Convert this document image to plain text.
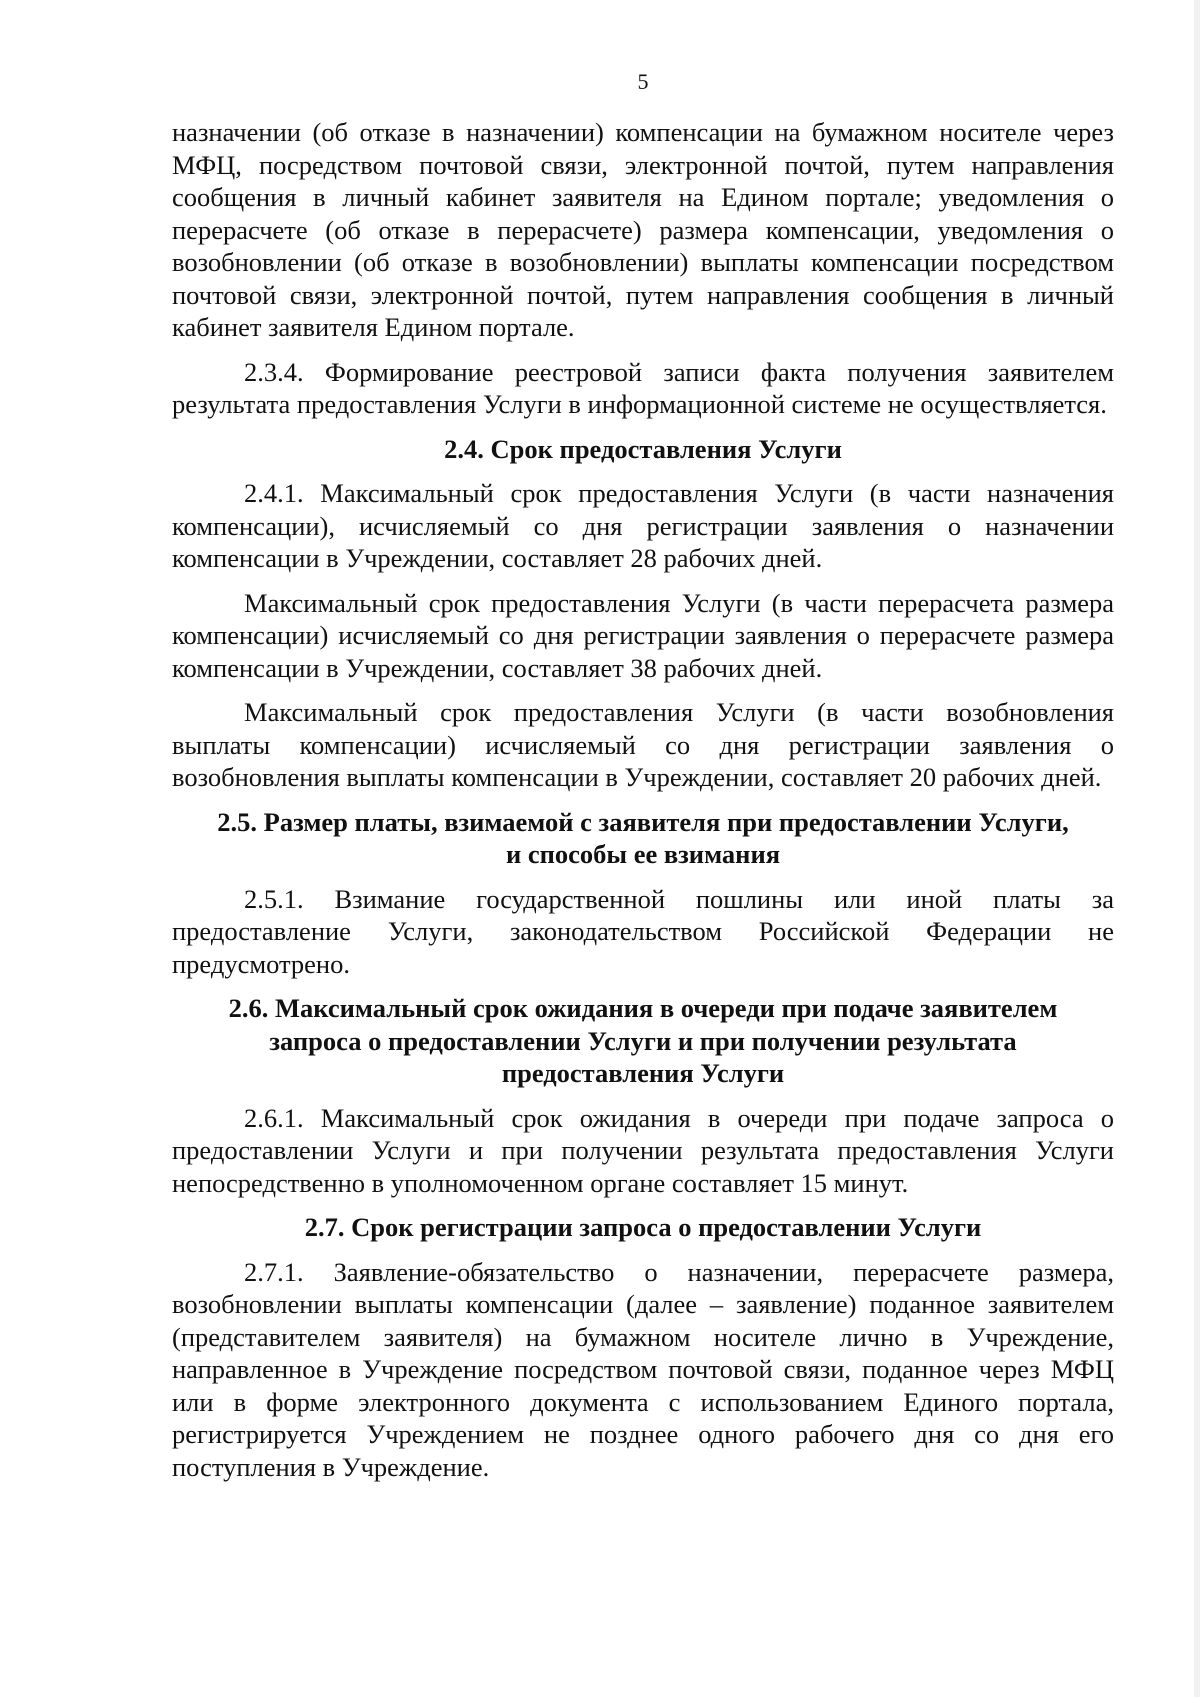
5

назначении (об отказе в назначении) компенсации на бумажном носителе через МФЦ, посредством почтовой связи, электронной почтой, путем направления сообщения в личный кабинет заявителя на Едином портале; уведомления о перерасчете (об отказе в перерасчете) размера компенсации, уведомления о возобновлении (об отказе в возобновлении) выплаты компенсации посредством почтовой связи, электронной почтой, путем направления сообщения в личный кабинет заявителя Едином портале.

2.3.4. Формирование реестровой записи факта получения заявителем результата предоставления Услуги в информационной системе не осуществляется.

2.4. Срок предоставления Услуги

2.4.1. Максимальный срок предоставления Услуги (в части назначения компенсации), исчисляемый со дня регистрации заявления о назначении компенсации в Учреждении, составляет 28 рабочих дней.

Максимальный срок предоставления Услуги (в части перерасчета размера компенсации) исчисляемый со дня регистрации заявления о перерасчете размера компенсации в Учреждении, составляет 38 рабочих дней.

Максимальный срок предоставления Услуги (в части возобновления выплаты компенсации) исчисляемый со дня регистрации заявления о возобновления выплаты компенсации в Учреждении, составляет 20 рабочих дней.

2.5. Размер платы, взимаемой с заявителя при предоставлении Услуги,
и способы ее взимания

2.5.1. Взимание государственной пошлины или иной платы за предоставление Услуги, законодательством Российской Федерации не предусмотрено.

2.6. Максимальный срок ожидания в очереди при подаче заявителем
запроса о предоставлении Услуги и при получении результата
предоставления Услуги

2.6.1. Максимальный срок ожидания в очереди при подаче запроса о предоставлении Услуги и при получении результата предоставления Услуги непосредственно в уполномоченном органе составляет 15 минут.

2.7. Срок регистрации запроса о предоставлении Услуги

2.7.1. Заявление-обязательство о назначении, перерасчете размера, возобновлении выплаты компенсации (далее – заявление) поданное заявителем (представителем заявителя) на бумажном носителе лично в Учреждение, направленное в Учреждение посредством почтовой связи, поданное через МФЦ или в форме электронного документа с использованием Единого портала, регистрируется Учреждением не позднее одного рабочего дня со дня его поступления в Учреждение.
